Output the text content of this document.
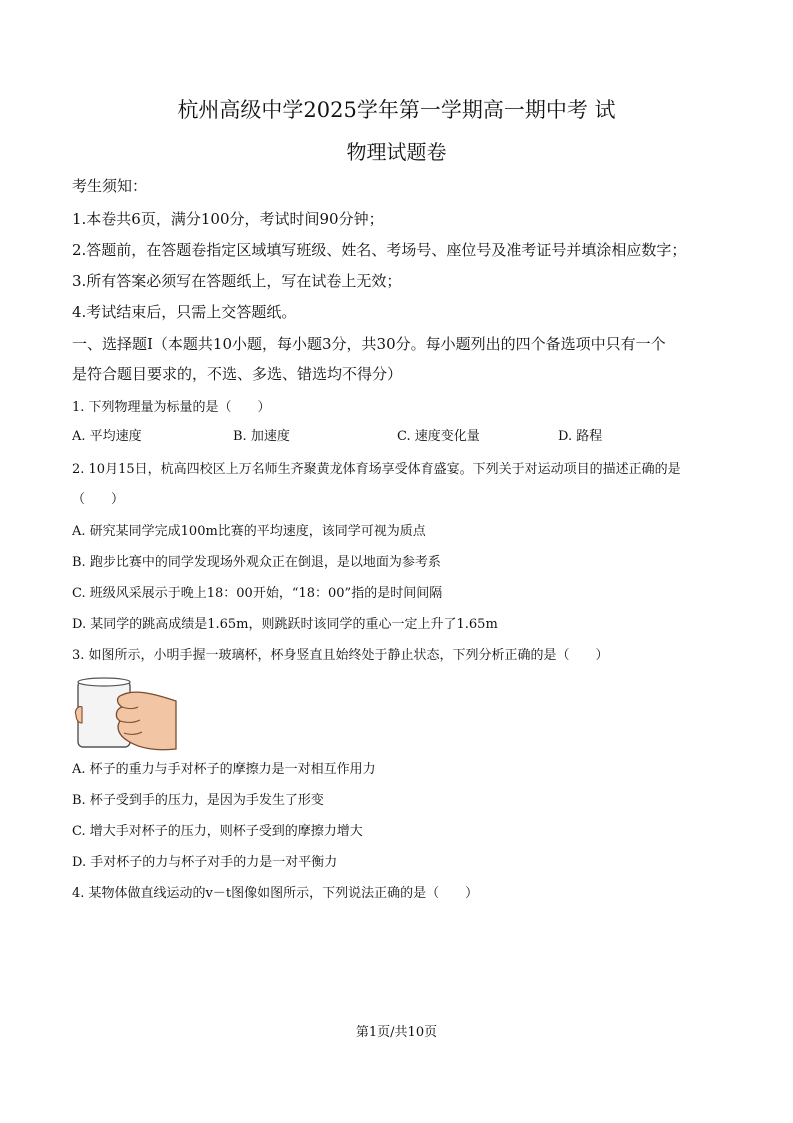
杭州高级中学2025学年第一学期高一期中考 试
物理试题卷
考生须知：
1.本卷共6页，满分100分，考试时间90分钟；
2.答题前，在答题卷指定区域填写班级、姓名、考场号、座位号及准考证号并填涂相应数字；
3.所有答案必须写在答题纸上，写在试卷上无效；
4.考试结束后，只需上交答题纸。
一、选择题Ⅰ（本题共10小题，每小题3分，共30分。每小题列出的四个备选项中只有一个
是符合题目要求的，不选、多选、错选均不得分）
1. 下列物理量为标量的是（　　）
A. 平均速度	B. 加速度	C. 速度变化量	D. 路程
2. 10月15日，杭高四校区上万名师生齐聚黄龙体育场享受体育盛宴。下列关于对运动项目的描述正确的是
（　　）
A. 研究某同学完成100m比赛的平均速度，该同学可视为质点
B. 跑步比赛中的同学发现场外观众正在倒退，是以地面为参考系
C. 班级风采展示于晚上18：00开始，“18：00”指的是时间间隔
D. 某同学的跳高成绩是1.65m，则跳跃时该同学的重心一定上升了1.65m
3. 如图所示，小明手握一玻璃杯，杯身竖直且始终处于静止状态，下列分析正确的是（　　）
A. 杯子的重力与手对杯子的摩擦力是一对相互作用力
B. 杯子受到手的压力，是因为手发生了形变
C. 增大手对杯子的压力，则杯子受到的摩擦力增大
D. 手对杯子的力与杯子对手的力是一对平衡力
4. 某物体做直线运动的v－t图像如图所示，下列说法正确的是（　　）
第1页/共10页
